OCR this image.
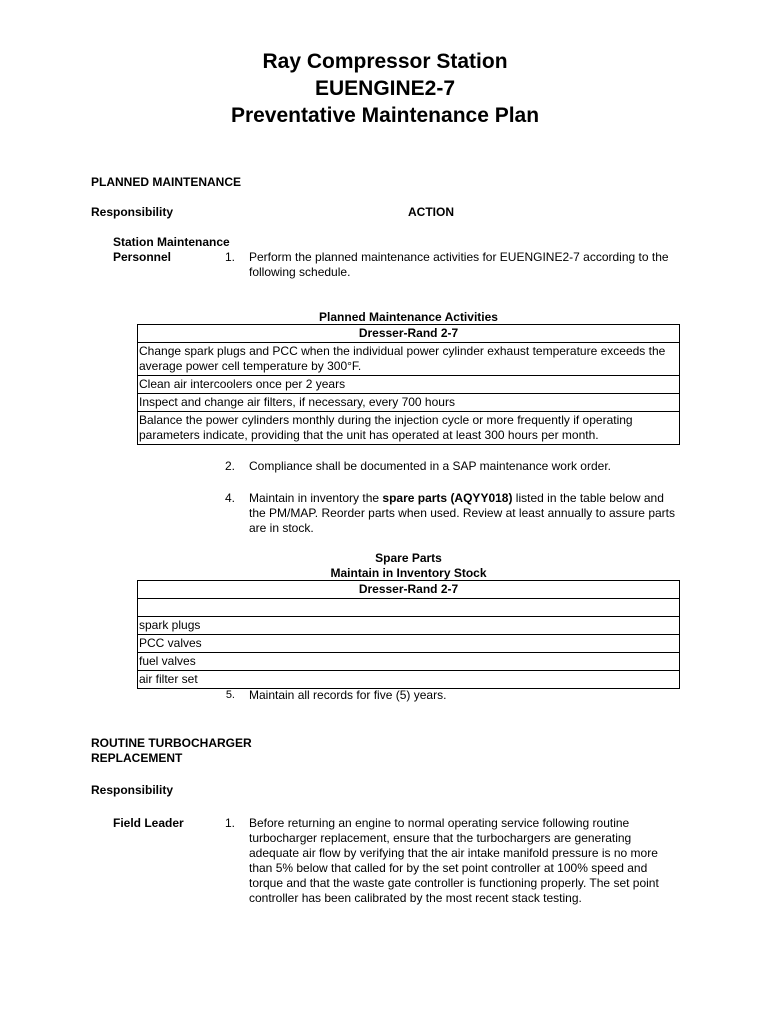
Ray Compressor Station
EUENGINE2-7
Preventative Maintenance Plan
PLANNED MAINTENANCE
Responsibility	ACTION
Station Maintenance
Personnel	1. Perform the planned maintenance activities for EUENGINE2-7 according to the following schedule.
Planned Maintenance Activities
Dresser-Rand 2-7
Change spark plugs and PCC when the individual power cylinder exhaust temperature exceeds the average power cell temperature by 300°F.
Clean air intercoolers once per 2 years
Inspect and change air filters, if necessary, every 700 hours
Balance the power cylinders monthly during the injection cycle or more frequently if operating parameters indicate, providing that the unit has operated at least 300 hours per month.
2. Compliance shall be documented in a SAP maintenance work order.
4. Maintain in inventory the spare parts (AQYY018) listed in the table below and the PM/MAP. Reorder parts when used. Review at least annually to assure parts are in stock.
Spare Parts
Maintain in Inventory Stock
Dresser-Rand 2-7

spark plugs
PCC valves
fuel valves
air filter set
5. Maintain all records for five (5) years.
ROUTINE TURBOCHARGER
REPLACEMENT
Responsibility
Field Leader	1. Before returning an engine to normal operating service following routine turbocharger replacement, ensure that the turbochargers are generating adequate air flow by verifying that the air intake manifold pressure is no more than 5% below that called for by the set point controller at 100% speed and torque and that the waste gate controller is functioning properly. The set point controller has been calibrated by the most recent stack testing.
